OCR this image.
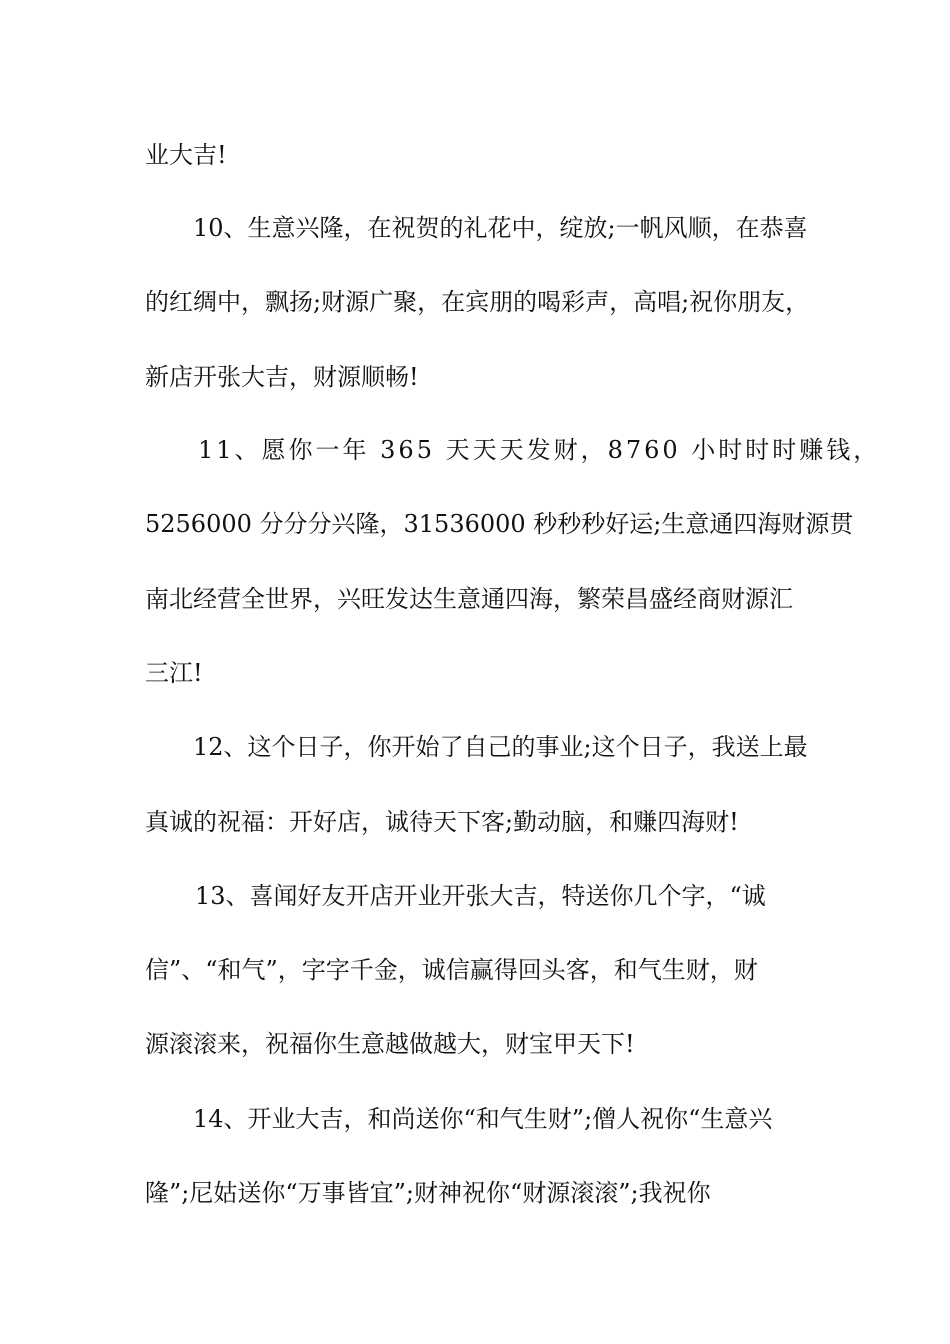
业大吉!

10、生意兴隆，在祝贺的礼花中，绽放;一帆风顺，在恭喜

的红绸中，飘扬;财源广聚，在宾朋的喝彩声，高唱;祝你朋友，

新店开张大吉，财源顺畅!

11、愿你一年 365 天天天发财，8760 小时时时赚钱，

5256000 分分分兴隆，31536000 秒秒秒好运;生意通四海财源贯

南北经营全世界，兴旺发达生意通四海，繁荣昌盛经商财源汇

三江!

12、这个日子，你开始了自己的事业;这个日子，我送上最

真诚的祝福：开好店，诚待天下客;勤动脑，和赚四海财!

13、喜闻好友开店开业开张大吉，特送你几个字，“诚

信”、“和气”，字字千金，诚信赢得回头客，和气生财，财

源滚滚来，祝福你生意越做越大，财宝甲天下!

14、开业大吉，和尚送你“和气生财”;僧人祝你“生意兴

隆”;尼姑送你“万事皆宜”;财神祝你“财源滚滚”;我祝你
